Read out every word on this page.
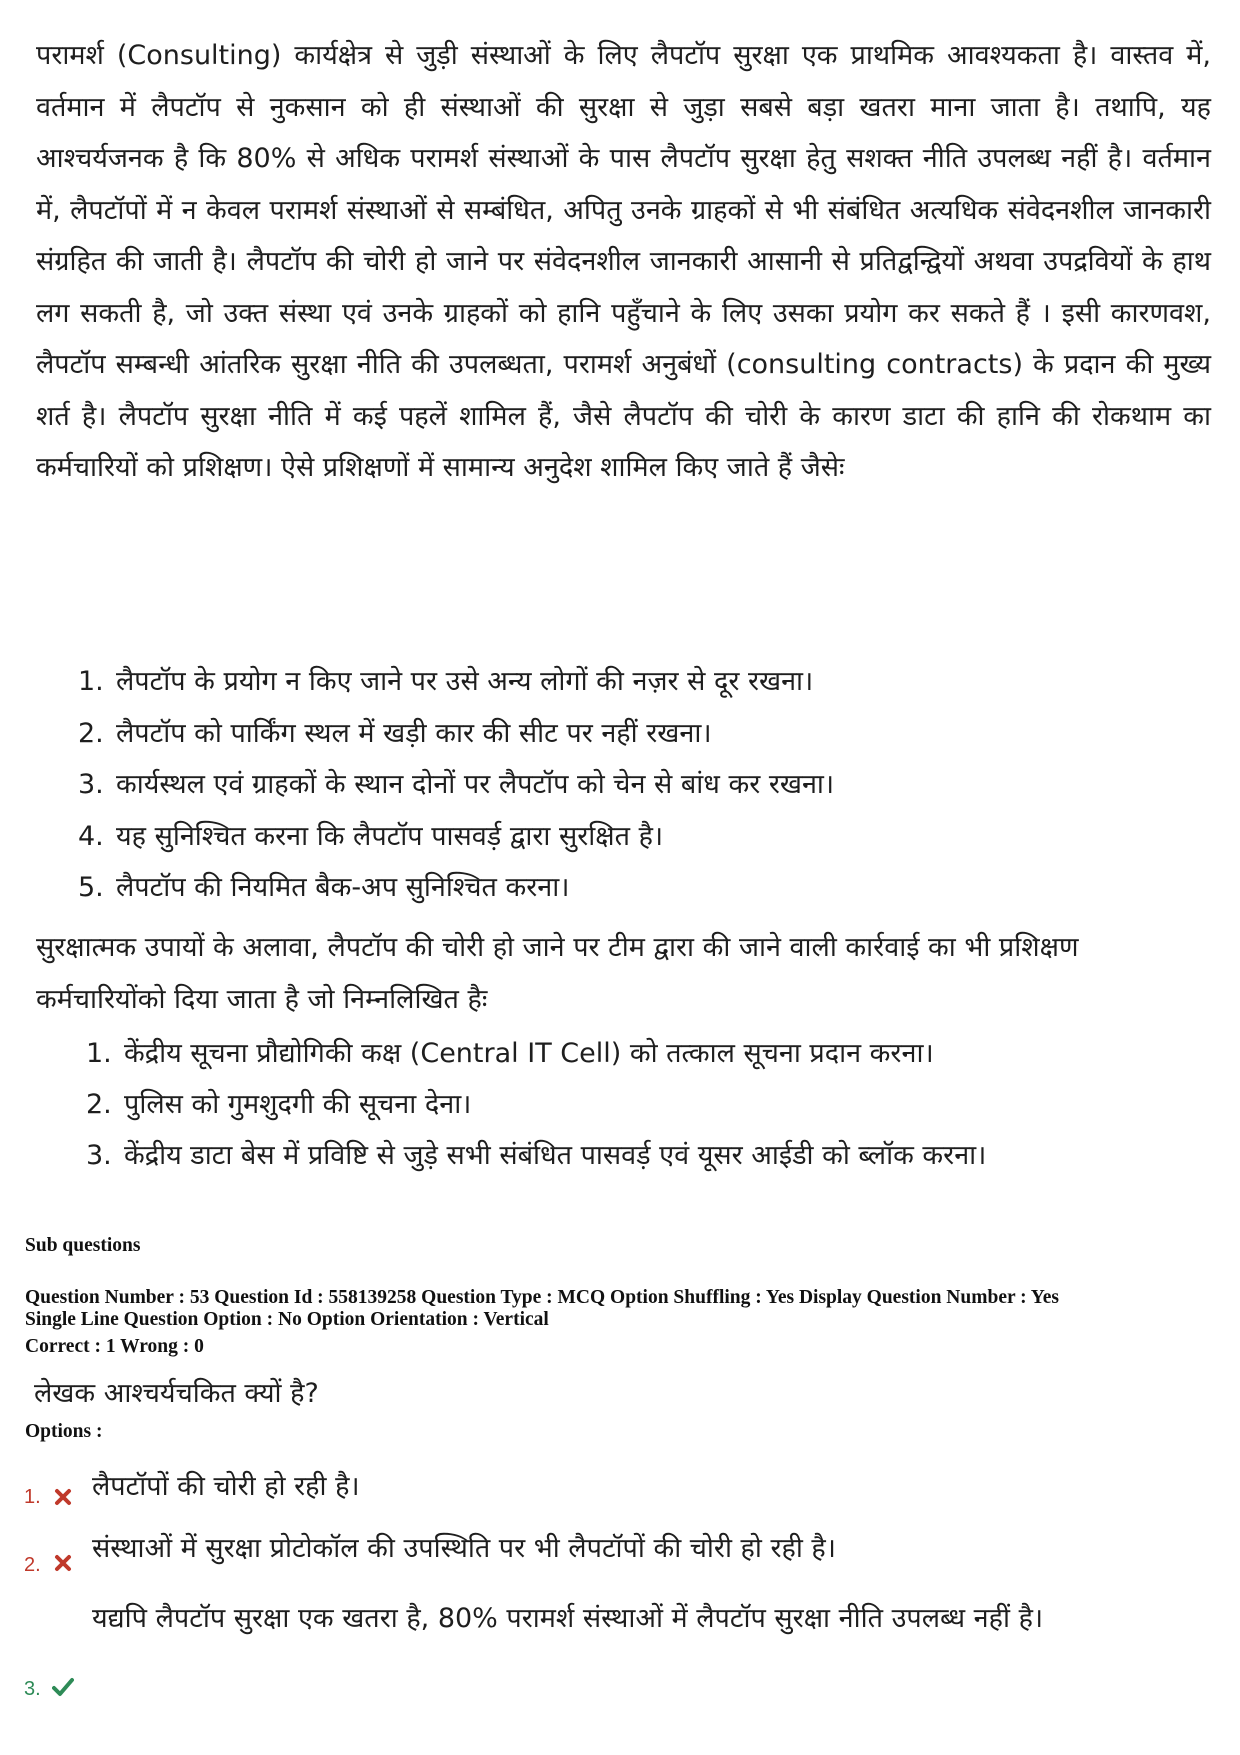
परामर्श (Consulting) कार्यक्षेत्र से जुड़ी संस्थाओं के लिए लैपटॉप सुरक्षा एक प्राथमिक आवश्यकता है। वास्तव में, वर्तमान में लैपटॉप से नुकसान को ही संस्थाओं की सुरक्षा से जुड़ा सबसे बड़ा खतरा माना जाता है। तथापि, यह आश्चर्यजनक है कि 80% से अधिक परामर्श संस्थाओं के पास लैपटॉप सुरक्षा हेतु सशक्त नीति उपलब्ध नहीं है। वर्तमान में, लैपटॉपों में न केवल परामर्श संस्थाओं से सम्बंधित, अपितु उनके ग्राहकों से भी संबंधित अत्यधिक संवेदनशील जानकारी संग्रहित की जाती है। लैपटॉप की चोरी हो जाने पर संवेदनशील जानकारी आसानी से प्रतिद्वन्द्वियों अथवा उपद्रवियों के हाथ लग सकती है, जो उक्त संस्था एवं उनके ग्राहकों को हानि पहुँचाने के लिए उसका प्रयोग कर सकते हैं । इसी कारणवश, लैपटॉप सम्बन्धी आंतरिक सुरक्षा नीति की उपलब्धता, परामर्श अनुबंधों (consulting contracts) के प्रदान की मुख्य शर्त है। लैपटॉप सुरक्षा नीति में कई पहलें शामिल हैं, जैसे लैपटॉप की चोरी के कारण डाटा की हानि की रोकथाम का कर्मचारियों को प्रशिक्षण। ऐसे प्रशिक्षणों में सामान्य अनुदेश शामिल किए जाते हैं जैसेः

1. लैपटॉप के प्रयोग न किए जाने पर उसे अन्य लोगों की नज़र से दूर रखना।
2. लैपटॉप को पार्किंग स्थल में खड़ी कार की सीट पर नहीं रखना।
3. कार्यस्थल एवं ग्राहकों के स्थान दोनों पर लैपटॉप को चेन से बांध कर रखना।
4. यह सुनिश्चित करना कि लैपटॉप पासवर्ड़ द्वारा सुरक्षित है।
5. लैपटॉप की नियमित बैक-अप सुनिश्चित करना।

सुरक्षात्मक उपायों के अलावा, लैपटॉप की चोरी हो जाने पर टीम द्वारा की जाने वाली कार्रवाई का भी प्रशिक्षण कर्मचारियोंको दिया जाता है जो निम्नलिखित हैः

1. केंद्रीय सूचना प्रौद्योगिकी कक्ष (Central IT Cell) को तत्काल सूचना प्रदान करना।
2. पुलिस को गुमशुदगी की सूचना देना।
3. केंद्रीय डाटा बेस में प्रविष्टि से जुड़े सभी संबंधित पासवर्ड़ एवं यूसर आईडी को ब्लॉक करना।

Sub questions

Question Number : 53 Question Id : 558139258 Question Type : MCQ Option Shuffling : Yes Display Question Number : Yes
Single Line Question Option : No Option Orientation : Vertical

Correct : 1 Wrong : 0

लेखक आश्चर्यचकित क्यों है?

Options :

1. लैपटॉपों की चोरी हो रही है।

2.

संस्थाओं में सुरक्षा प्रोटोकॉल की उपस्थिति पर भी लैपटॉपों की चोरी हो रही है।

3.

यद्यपि लैपटॉप सुरक्षा एक खतरा है, 80% परामर्श संस्थाओं में लैपटॉप सुरक्षा नीति उपलब्ध नहीं है।
